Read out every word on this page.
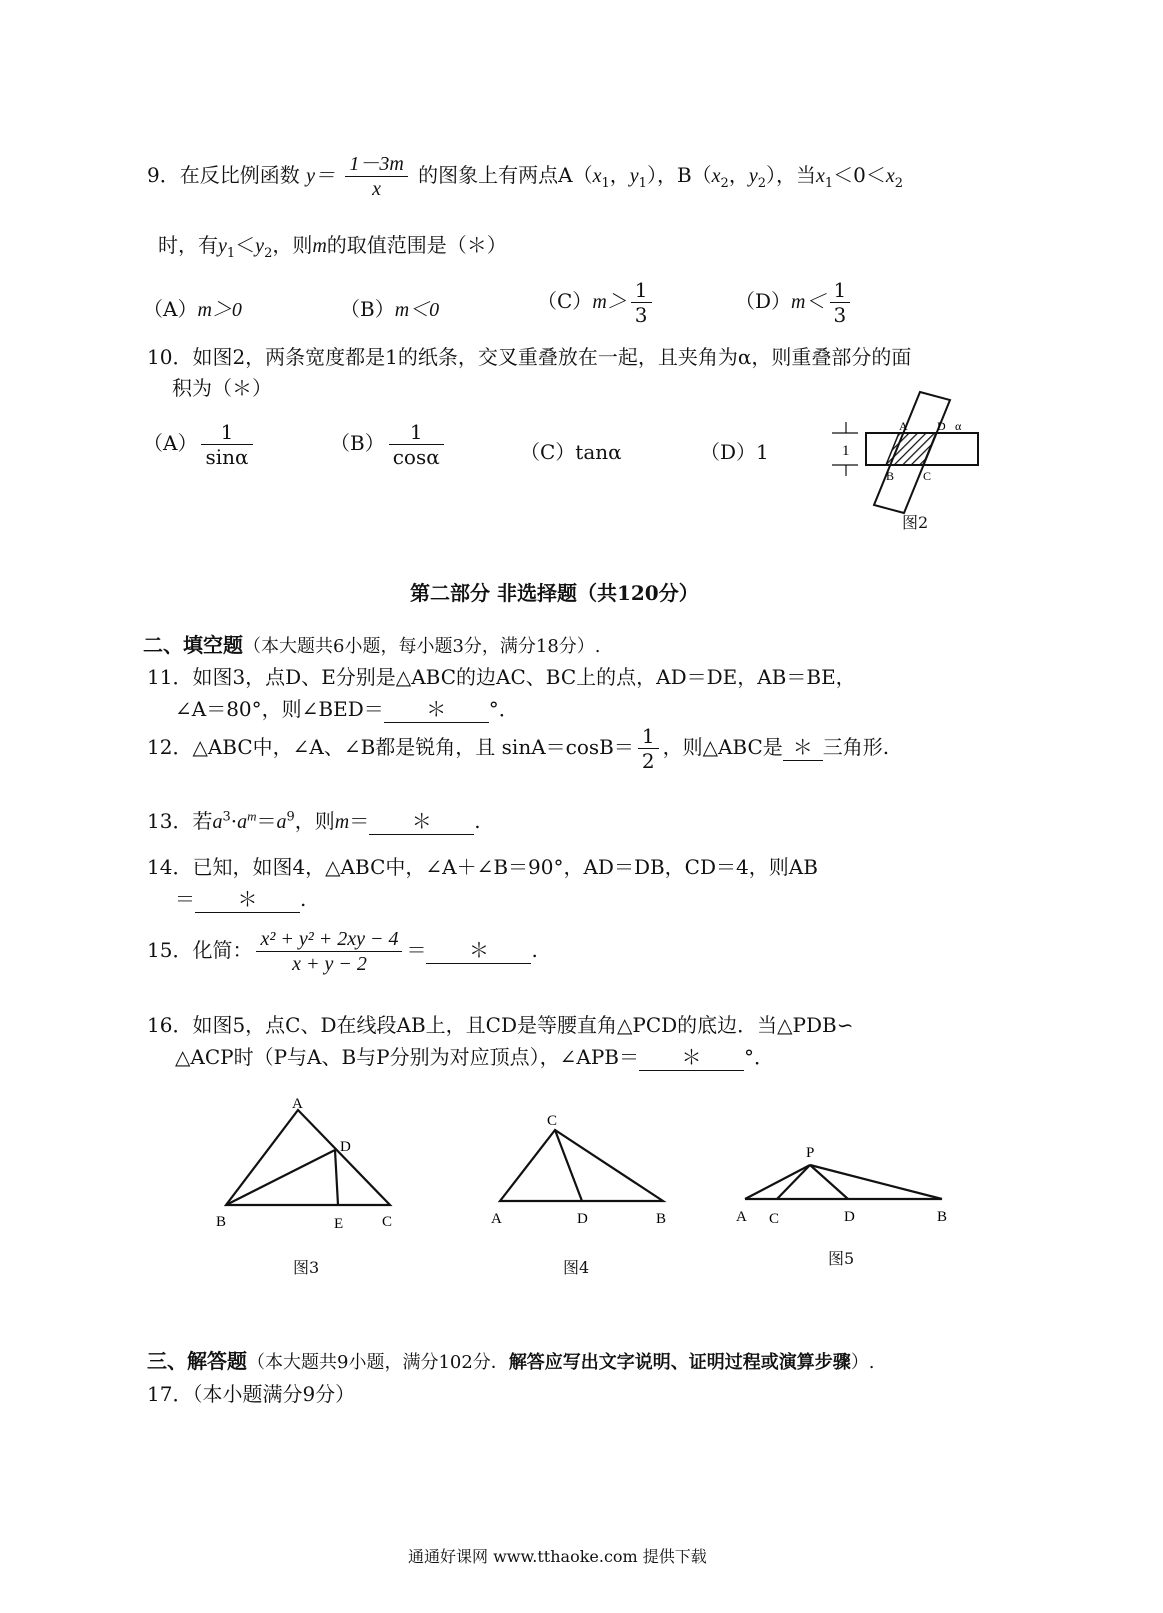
9．在反比例函数 $y= \frac{1-3m}{x}$ 的图象上有两点$A(x_1$，$y_1$），$B(x_2$，$y_2$），当$x_1<0<x_2$
时，有$y_1<y_2$，则m的取值范围是（＊）
（A）m＞0	（B）m＜0	$(C)m> \frac{1}{3}$	$(D)m< \frac{1}{3}$
10．如图2，两条宽度都是1的纸条，交叉重叠放在一起，且夹角为α，则重叠部分的面
积为（＊）
$(A) \frac{1}{\sin\alpha}$	$(B) \frac{1}{\cos\alpha}$	（C）tanα	（D）1	1
A D α
B C
图2
第二部分 非选择题（共120分）
二、填空题（本大题共6小题，每小题3分，满分18分）.
11．如图3，点D、E分别是△ABC的边AC、BC上的点，AD＝DE，AB＝BE，
∠A＝80°，则∠BED＝ ＊ °．
12．△ABC中，∠A、∠B都是锐角，且 $\sin A=\cos B= \frac{1}{2}$ ，则△ABC是 ＊ 三角形.
13．若$a^3\cdot a^m=a^9$，则m＝ ＊ .
14．已知，如图4，△ABC中，∠A＋∠B＝90°，AD＝DB，CD＝4，则AB
＝ ＊ .
15．化简： $\frac{\text{x² + y² + 2xy − 4}}{x + y - 2}$ ＝ ＊ .
16．如图5，点C、D在线段AB上，且CD是等腰直角△PCD的底边．当△PDB∽
△ACP时（P与A、B与P分别为对应顶点），∠APB＝ ＊ °．
A
D
B	E	C
图3
C
A	D	B
图4
P
A C	D	B
图5
三、解答题（本大题共9小题，满分102分．解答应写出文字说明、证明过程或演算步骤）.
17．（本小题满分9分）
通通好课网 www.tthaoke.com 提供下载
